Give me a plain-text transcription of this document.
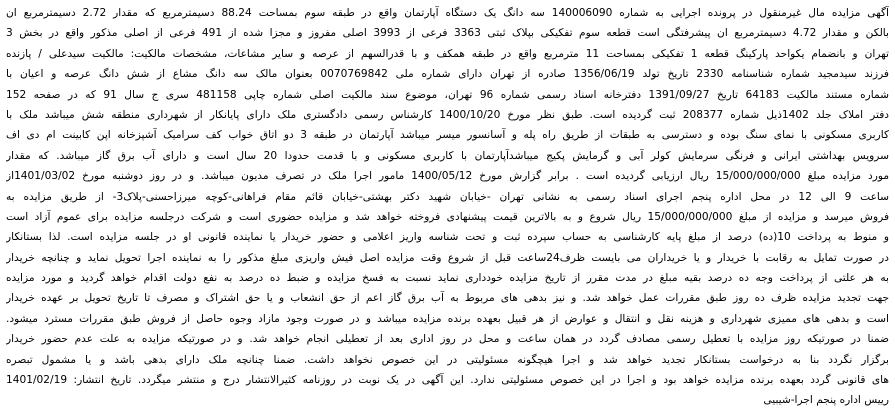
آگهی مزایده مال غیرمنقول در پرونده اجرایی به شماره 140006090 سه دانگ یک دستگاه آپارتمان واقع در طبقه سوم بمساحت 88.24 دسیمترمربع که مقدار 2.72 دسیمترمربع ان
بالکن و مقدار 4.72 دسیمترمربع ان پیشرفتگی است قطعه سوم تفکیکی بپلاک ثبتی 3363 فرعی از 3993 اصلی مفروز و مجزا شده از 491 فرعی از اصلی مذکور واقع در بخش 3
تهران و بانضمام یکواحد پارکینگ قطعه 1 تفکیکی بمساحت 11 مترمربع واقع در طبقه همکف و با قدرالسهم از عرصه و سایر مشاعات، مشخصات مالکیت: مالکیت سیدعلی / پازنده
فرزند سیدمجید شماره شناسنامه 2330 تاریخ تولد 1356/06/19 صادره از تهران دارای شماره ملی 0070769842 بعنوان مالک سه دانگ مشاع از شش دانگ عرصه و اعیان با
شماره مستند مالکیت 64183 تاریخ 1391/09/27 دفترخانه اسناد رسمی شماره 96 تهران، موضوع سند مالکیت اصلی شماره چاپی 481158 سری ج سال 91 که در صفحه 152
دفتر املاک جلد 1402ذیل شماره 208377 ثبت گردیده است. طبق نظر مورخ 1400/10/20 کارشناس رسمی دادگستری ملک دارای پایانکار از شهرداری منطقه شش میباشد ملک با
کاربری مسکونی با نمای سنگ بوده و دسترسی به طبقات از طریق راه پله و آسانسور میسر میباشد آپارتمان در طبقه 3 دو اتاق خواب کف سرامیک آشپزخانه اپن کابینت ام دی اف
سرویس بهداشتی ایرانی و فرنگی سرمایش کولر آبی و گرمایش پکیج میباشدآپارتمان با کاربری مسکونی و با قدمت حدودا 20 سال است و دارای آب برق گاز میباشد. که مقدار
مورد مزایده مبلغ 15/000/000/000 ریال ارزیابی گردیده است . برابر گزارش مورخ 1400/05/12 مامور اجرا ملک در تصرف مدیون میباشد. و در روز دوشنبه مورخ 1401/03/02از
ساعت 9 الی 12 در محل اداره پنجم اجرای اسناد رسمی به نشانی تهران -خیابان شهید دکتر بهشتی-خیابان قائم مقام فراهانی-کوچه میرزاحسنی-پلاک3- از طریق مزایده به
فروش میرسد و مزایده از مبلغ 15/000/000/000 ریال شروع و به بالاترین قیمت پیشنهادی فروخته خواهد شد و مزایده حضوری است و شرکت درجلسه مزایده برای عموم آزاد است
و منوط به پرداخت 10(ده) درصد از مبلغ پایه کارشناسی به حساب سپرده ثبت و تحت شناسه واریز اعلامی و حضور خریدار یا نماینده قانونی او در جلسه مزایده است. لذا بستانکار
در صورت تمایل به رقابت با خریدار و یا خریداران می بایست ظرف24ساعت قبل از شروع وقت مزایده اصل فیش واریزی مبلغ مذکور را به نماینده اجرا تحویل نماید و چنانچه خریدار
به هر علتی از پرداخت وجه ده درصد بقیه مبلغ در مدت مقرر از تاریخ مزایده خودداری نماید نسبت به فسخ مزایده و ضبط ده درصد به نفع دولت اقدام خواهد گردید و مورد مزایده
جهت تجدید مزایده ظرف ده روز طبق مقررات عمل خواهد شد. و نیز بدهی های مربوط به آب برق گاز اعم از حق انشعاب و یا حق اشتراک و مصرف تا تاریخ تحویل بر عهده خریدار
است و بدهی های ممیزی شهرداری و هزینه نقل و انتقال و عوارض از هر قبیل بعهده برنده مزایده میباشد و در صورت وجود مازاد وجوه حاصل از فروش طبق مقررات مسترد میشود.
ضمنا در صورتیکه روز مزایده با تعطیل رسمی مصادف گردد در همان ساعت و محل در روز اداری بعد از تعطیلی انجام خواهد شد. و در صورتیکه مزایده به علت عدم حضور خریدار
برگزار نگردد بنا به درخواست بستانکار تجدید خواهد شد و اجرا هیچگونه مسئولیتی در این خصوص نخواهد داشت. ضمنا چنانچه ملک دارای بدهی باشد و یا مشمول تبصره
های قانونی گردد بعهده برنده مزایده خواهد بود و اجرا در این خصوص مسئولیتی ندارد. این آگهی در یک نوبت در روزنامه کثیرالانتشار درج و منتشر میگردد. تاریخ انتشار: 1401/02/19
رییس اداره پنجم اجرا-شیبیی
